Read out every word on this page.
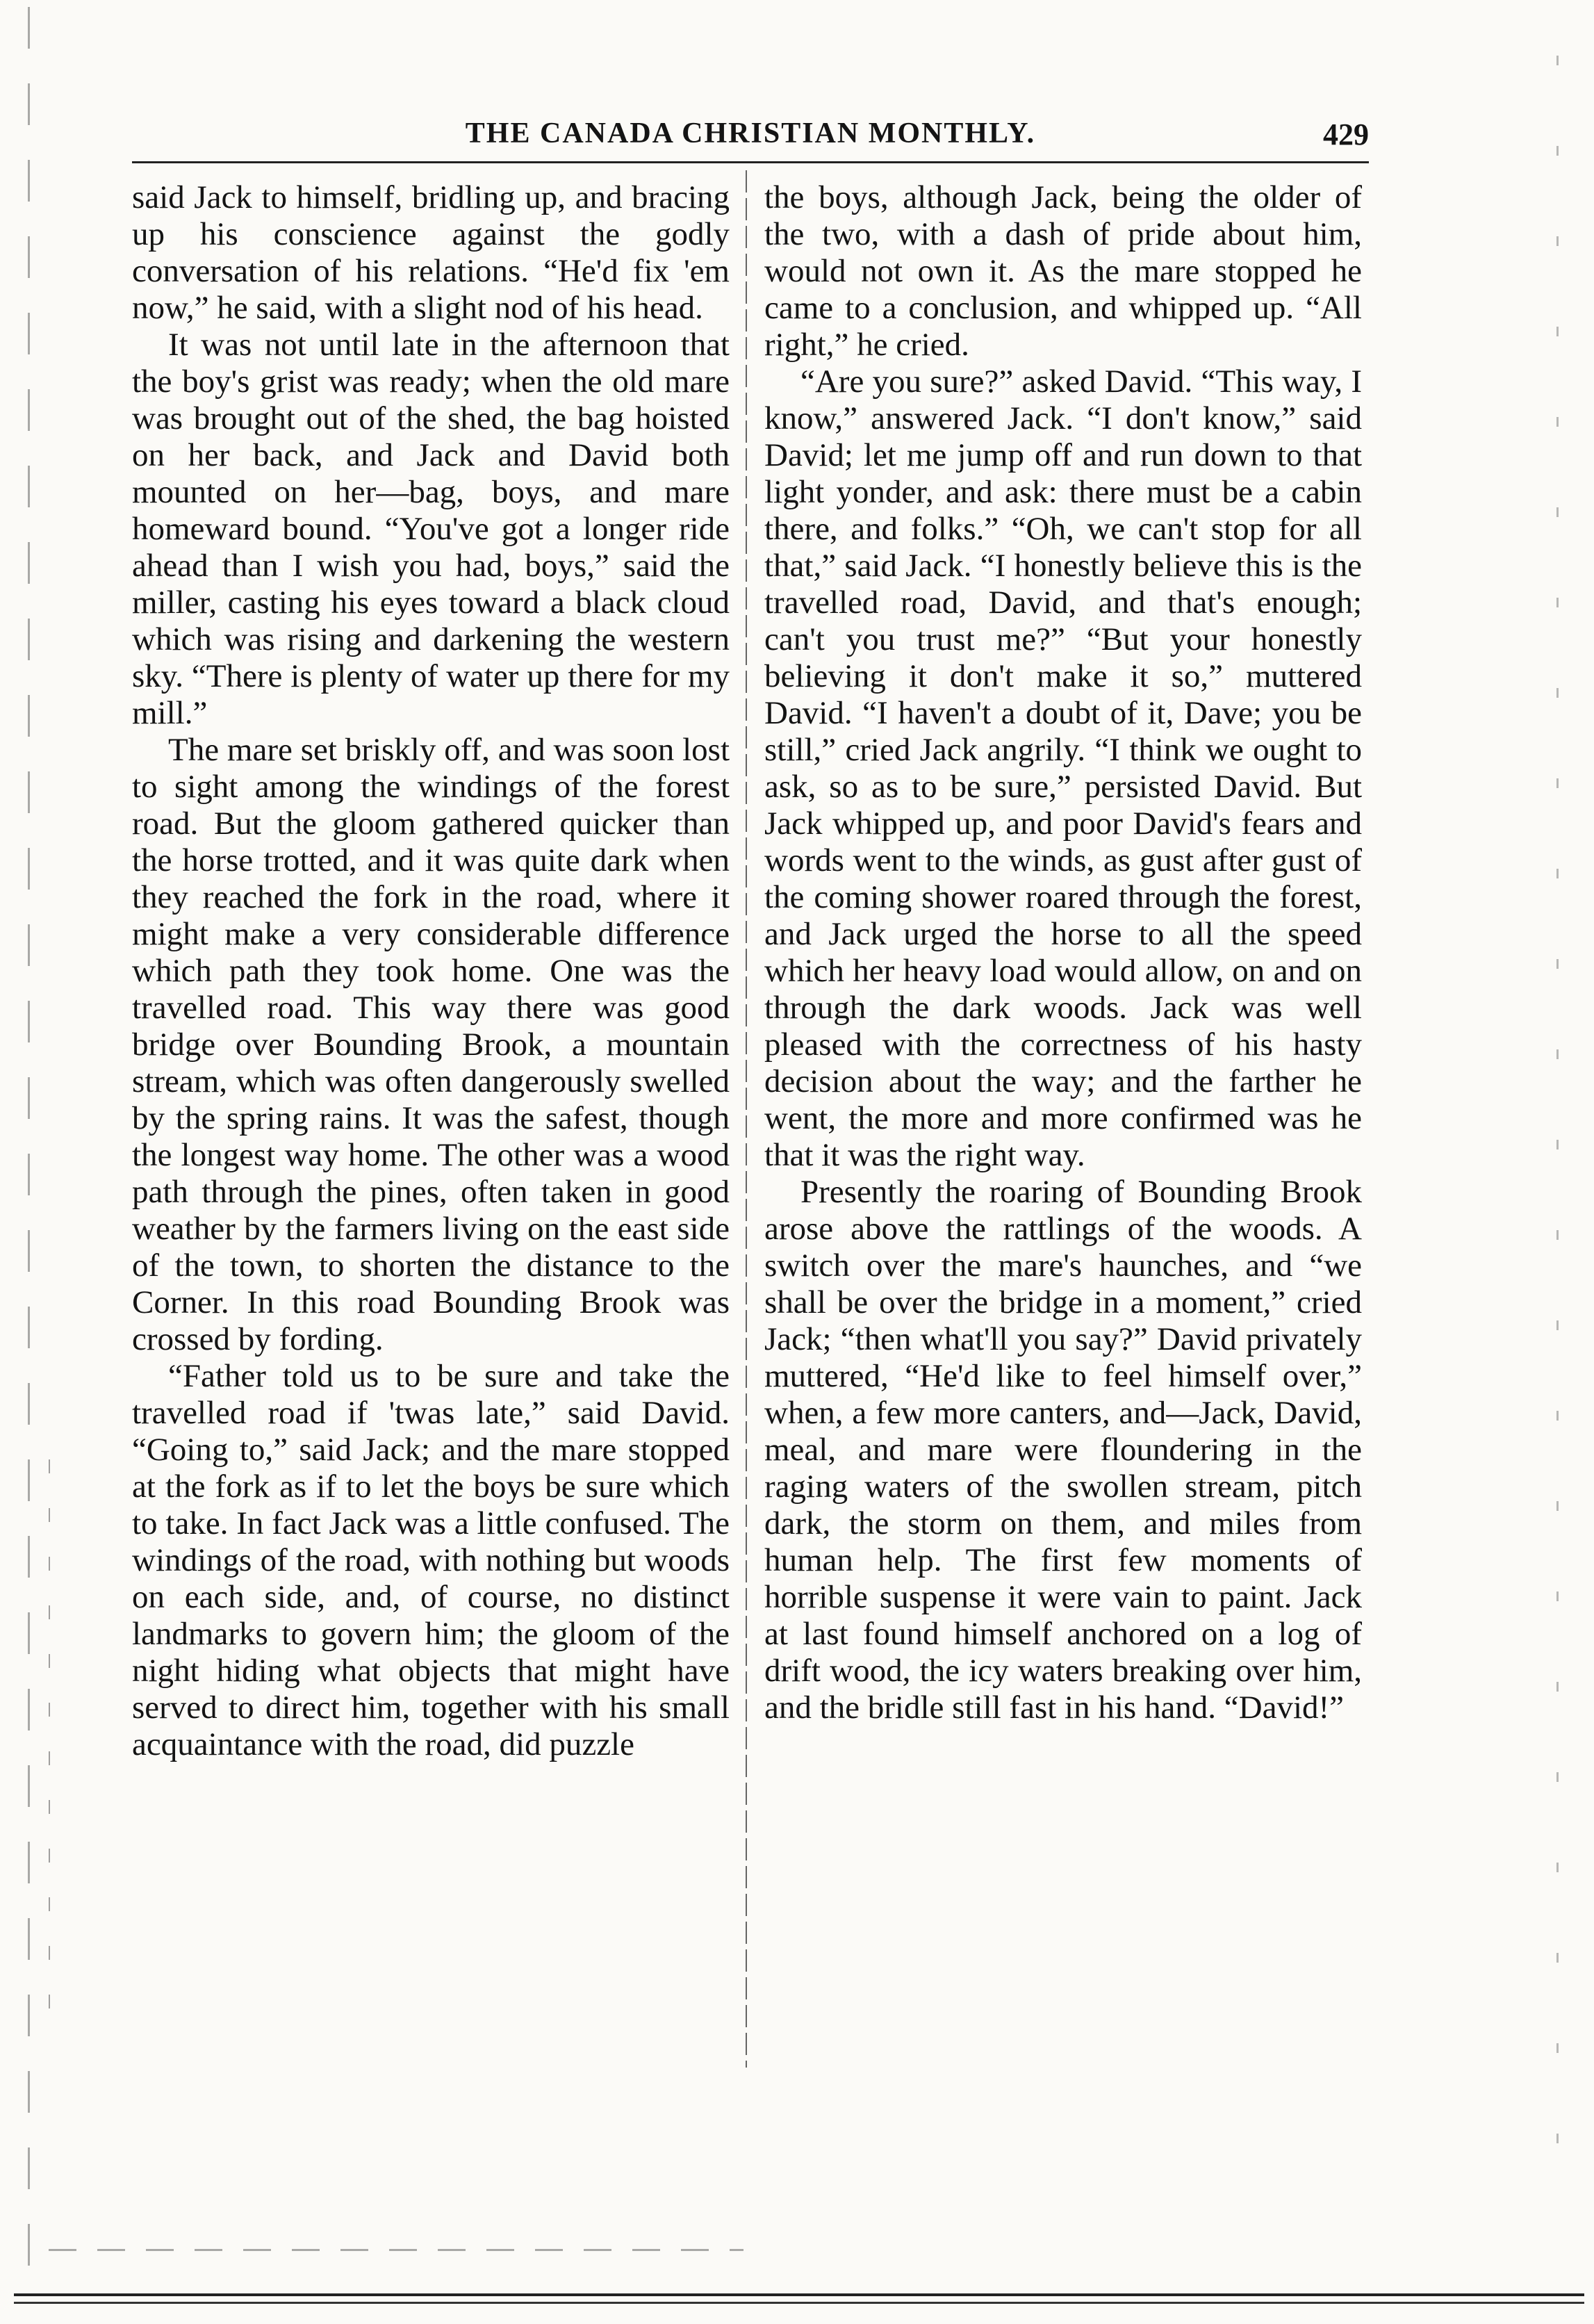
THE CANADA CHRISTIAN MONTHLY.	429

said Jack to himself, bridling up, and bracing up his conscience against the godly conversation of his relations. “He'd fix 'em now,” he said, with a slight nod of his head.

It was not until late in the afternoon that the boy's grist was ready; when the old mare was brought out of the shed, the bag hoisted on her back, and Jack and David both mounted on her—bag, boys, and mare homeward bound. “You've got a longer ride ahead than I wish you had, boys,” said the miller, casting his eyes toward a black cloud which was rising and darkening the western sky. “There is plenty of water up there for my mill.”

The mare set briskly off, and was soon lost to sight among the windings of the forest road. But the gloom gathered quicker than the horse trotted, and it was quite dark when they reached the fork in the road, where it might make a very considerable difference which path they took home. One was the travelled road. This way there was good bridge over Bounding Brook, a mountain stream, which was often dangerously swelled by the spring rains. It was the safest, though the longest way home. The other was a wood path through the pines, often taken in good weather by the farmers living on the east side of the town, to shorten the distance to the Corner. In this road Bounding Brook was crossed by fording.

“Father told us to be sure and take the travelled road if 'twas late,” said David. “Going to,” said Jack; and the mare stopped at the fork as if to let the boys be sure which to take. In fact Jack was a little confused. The windings of the road, with nothing but woods on each side, and, of course, no distinct landmarks to govern him; the gloom of the night hiding what objects that might have served to direct him, together with his small acquaintance with the road, did puzzle

the boys, although Jack, being the older of the two, with a dash of pride about him, would not own it. As the mare stopped he came to a conclusion, and whipped up. “All right,” he cried.

“Are you sure?” asked David. “This way, I know,” answered Jack. “I don't know,” said David; let me jump off and run down to that light yonder, and ask: there must be a cabin there, and folks.” “Oh, we can't stop for all that,” said Jack. “I honestly believe this is the travelled road, David, and that's enough; can't you trust me?” “But your honestly believing it don't make it so,” muttered David. “I haven't a doubt of it, Dave; you be still,” cried Jack angrily. “I think we ought to ask, so as to be sure,” persisted David. But Jack whipped up, and poor David's fears and words went to the winds, as gust after gust of the coming shower roared through the forest, and Jack urged the horse to all the speed which her heavy load would allow, on and on through the dark woods. Jack was well pleased with the correctness of his hasty decision about the way; and the farther he went, the more and more confirmed was he that it was the right way.

Presently the roaring of Bounding Brook arose above the rattlings of the woods. A switch over the mare's haunches, and “we shall be over the bridge in a moment,” cried Jack; “then what'll you say?” David privately muttered, “He'd like to feel himself over,” when, a few more canters, and—Jack, David, meal, and mare were floundering in the raging waters of the swollen stream, pitch dark, the storm on them, and miles from human help. The first few moments of horrible suspense it were vain to paint. Jack at last found himself anchored on a log of drift wood, the icy waters breaking over him, and the bridle still fast in his hand. “David!”
